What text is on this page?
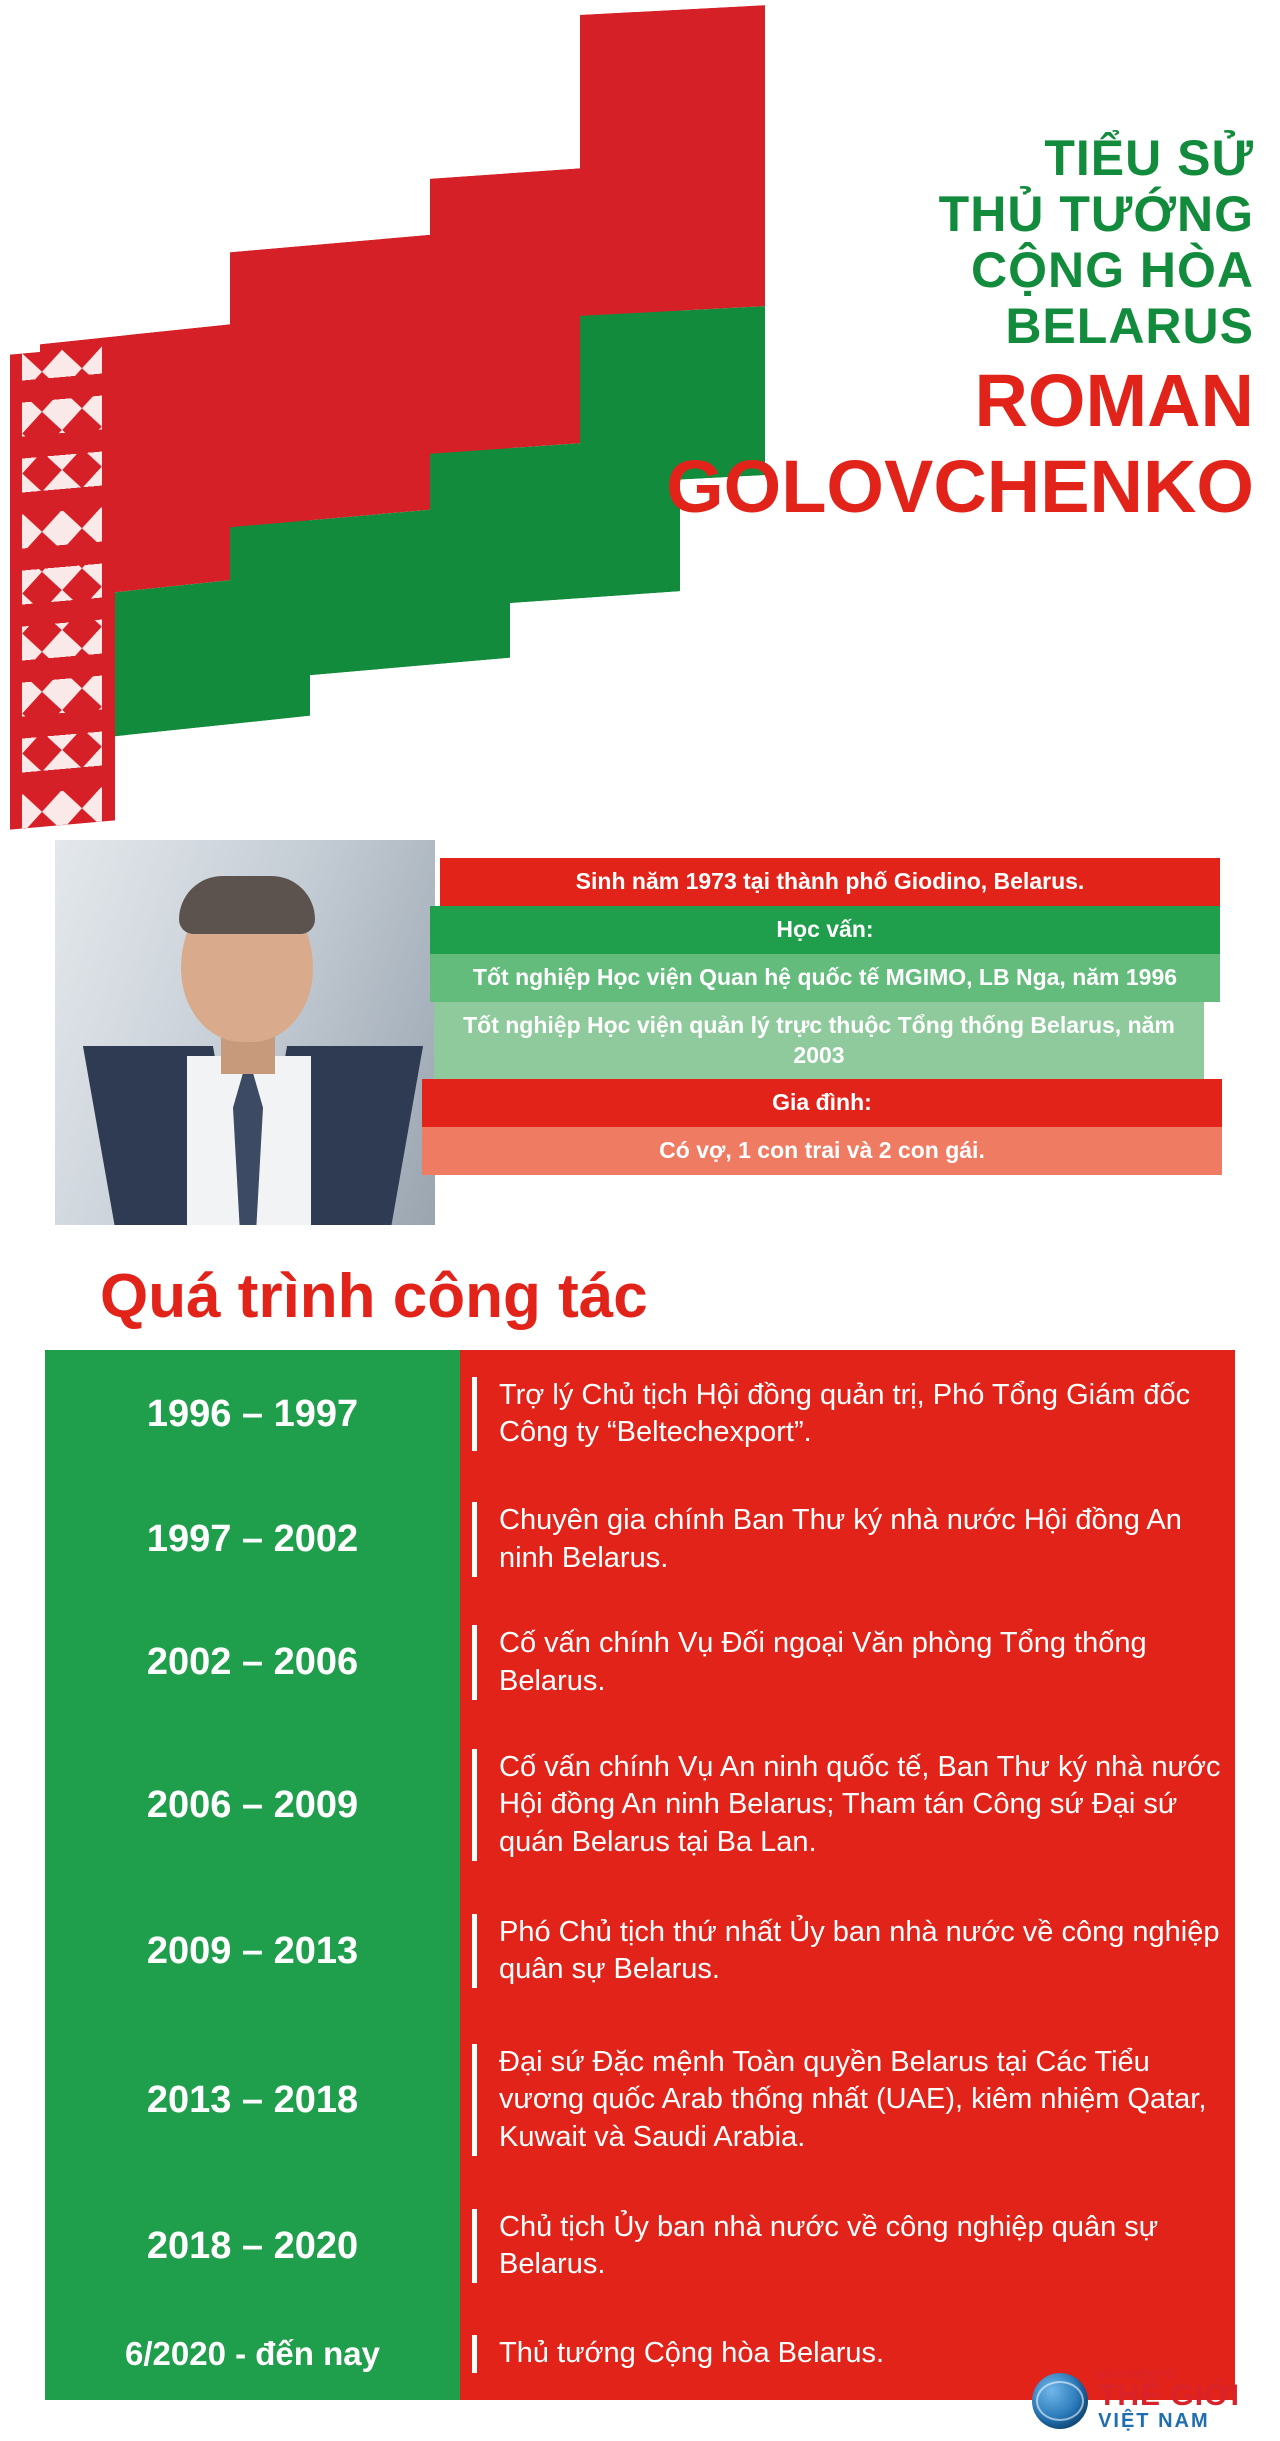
TIỂU SỬ
THỦ TƯỚNG
CỘNG HÒA
BELARUS
ROMAN
GOLOVCHENKO
Sinh năm 1973 tại thành phố Giodino, Belarus.
Học vấn:
Tốt nghiệp Học viện Quan hệ quốc tế MGIMO, LB Nga, năm 1996
Tốt nghiệp Học viện quản lý trực thuộc Tổng thống Belarus, năm 2003
Gia đình:
Có vợ, 1 con trai và 2 con gái.
Quá trình công tác
1996 – 1997
1997 – 2002
2002 – 2006
2006 – 2009
2009 – 2013
2013 – 2018
2018 – 2020
6/2020 - đến nay
Trợ lý Chủ tịch Hội đồng quản trị, Phó Tổng Giám đốc Công ty “Beltechexport”.
Chuyên gia chính Ban Thư ký nhà nước Hội đồng An ninh Belarus.
Cố vấn chính Vụ Đối ngoại Văn phòng Tổng thống Belarus.
Cố vấn chính Vụ An ninh quốc tế, Ban Thư ký nhà nước Hội đồng An ninh Belarus; Tham tán Công sứ Đại sứ quán Belarus tại Ba Lan.
Phó Chủ tịch thứ nhất Ủy ban nhà nước về công nghiệp quân sự Belarus.
Đại sứ Đặc mệnh Toàn quyền Belarus tại Các Tiểu vương quốc Arab thống nhất (UAE), kiêm nhiệm Qatar, Kuwait và Saudi Arabia.
Chủ tịch Ủy ban nhà nước về công nghiệp quân sự Belarus.
Thủ tướng Cộng hòa Belarus.
BÁO ĐIỆN TỬ
THẾ GIỚI
VIỆT NAM
